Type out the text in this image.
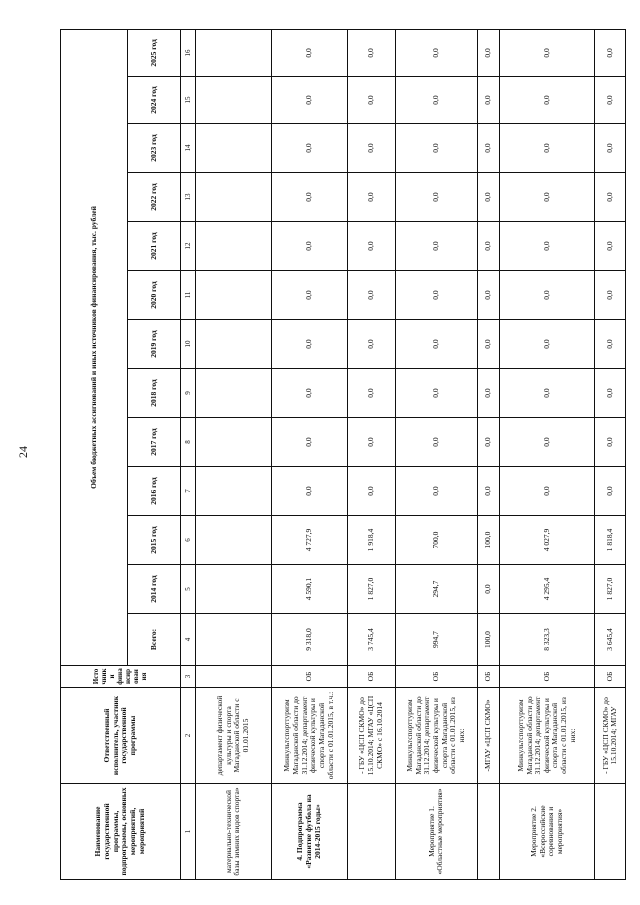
24
Наименование государственной программы, подпрограммы, основных мероприятий, мероприятий	Ответственный исполнитель, участник государственной программы	Источники финансирования	Объем бюджетных ассигнований и иных источников финансирования, тыс. рублей												
			Всего:	2014 год	2015 год	2016 год	2017 год	2018 год	2019 год	2020 год	2021 год	2022 год	2023 год	2024 год	2025 год
1	2	3	4	5	6	7	8	9	10	11	12	13	14	15	16
материально-технической базы зимних видов спорта»	департамент физической культуры и спорта Магаданской области с 01.01.2015														
4. Подпрограмма «Развитие футбола на 2014-2015 годы»	Минкультспорттуризм Магаданской области до 31.12.2014; департамент физической культуры и спорта Магаданской области с 01.01.2015, в т.ч.:	ОБ	9 318,0	4 590,1	4 727,9	0,0	0,0	0,0	0,0	0,0	0,0	0,0	0,0	0,0	0,0
	- ГБУ «ЦСП СКМО» до 15.10.2014; МГАУ «ЦСП СКМО» с 16.10.2014	ОБ	3 745,4	1 827,0	1 918,4	0,0	0,0	0,0	0,0	0,0	0,0	0,0	0,0	0,0	0,0
Мероприятие 1. «Областные мероприятия»	Минкультспорттуризм Магаданской области до 31.12.2014; департамент физической культуры и спорта Магаданской области с 01.01.2015, из них:	ОБ	994,7	294,7	700,0	0,0	0,0	0,0	0,0	0,0	0,0	0,0	0,0	0,0	0,0
	-МГАУ «ЦСП СКМО»	ОБ	100,0	0,0	100,0	0,0	0,0	0,0	0,0	0,0	0,0	0,0	0,0	0,0	0,0
Мероприятие 2. «Всероссийские соревнования и мероприятия»	Минкультспорттуризм Магаданской области до 31.12.2014; департамент физической культуры и спорта Магаданской области с 01.01.2015, из них:	ОБ	8 323,3	4 295,4	4 027,9	0,0	0,0	0,0	0,0	0,0	0,0	0,0	0,0	0,0	0,0
	- ГБУ «ЦСП СКМО» до 15.10.2014; МГАУ	ОБ	3 645,4	1 827,0	1 818,4	0,0	0,0	0,0	0,0	0,0	0,0	0,0	0,0	0,0	0,0
